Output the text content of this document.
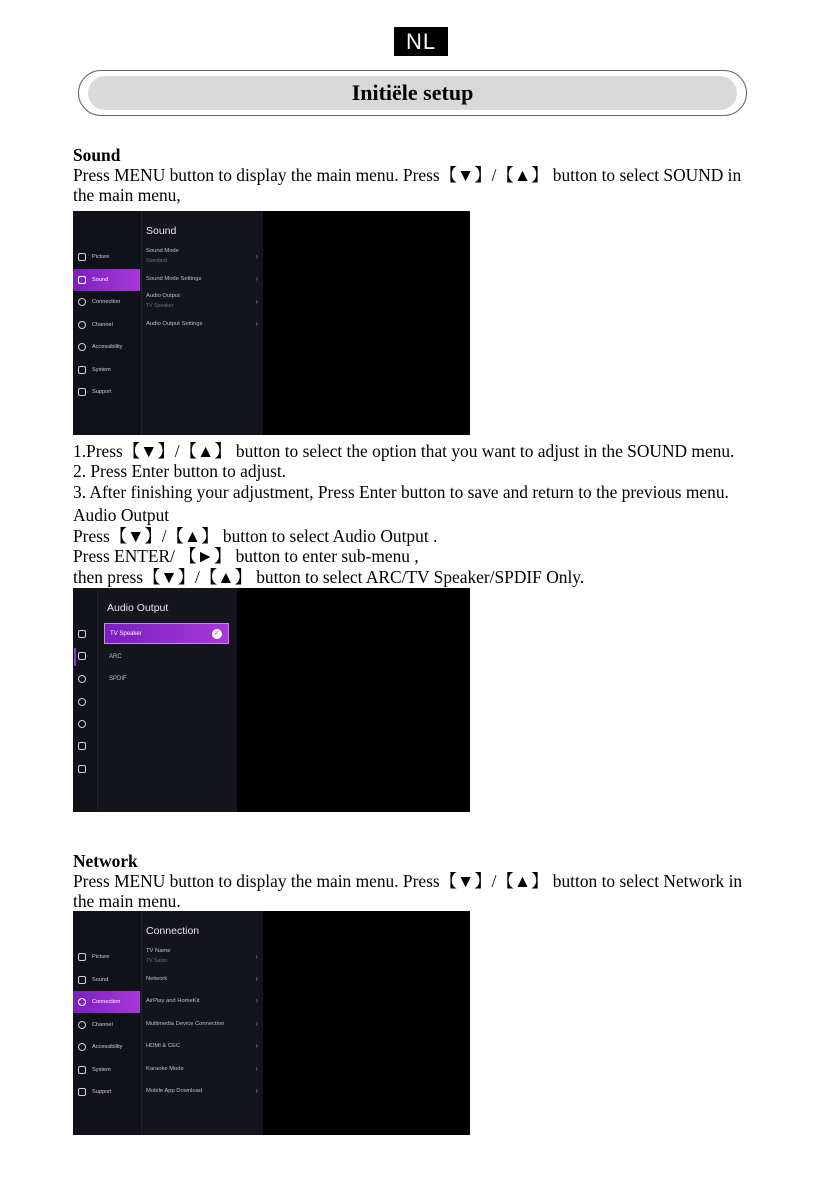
NL
Initiële setup
Sound
Press MENU button to display the main menu. Press【▼】/【▲】 button to select SOUND in
the main menu,
Picture
Sound
Connection
Channel
Accessibility
System
Support
Sound
Sound Mode
Standard	›
Sound Mode Settings	›
Audio Output
TV Speaker	›
Audio Output Settings	›
1.Press【▼】/【▲】 button to select the option that you want to adjust in the SOUND menu.
2. Press Enter button to adjust.
3. After finishing your adjustment, Press Enter button to save and return to the previous menu.
Audio Output
Press【▼】/【▲】 button to select Audio Output .
Press ENTER/ 【►】 button to enter sub-menu ,
then press【▼】/【▲】 button to select ARC/TV Speaker/SPDIF Only.
Audio Output
TV Speaker	✓
ARC
SPDIF
Network
Press MENU button to display the main menu. Press【▼】/【▲】 button to select Network in
the main menu.
Picture
Sound
Connection
Channel
Accessibility
System
Support
Connection
TV Name
TV Salon	›
Network	›
AirPlay and HomeKit	›
Multimedia Device Connection	›
HDMI & CEC	›
Karaoke Mode	›
Mobile App Download	›
